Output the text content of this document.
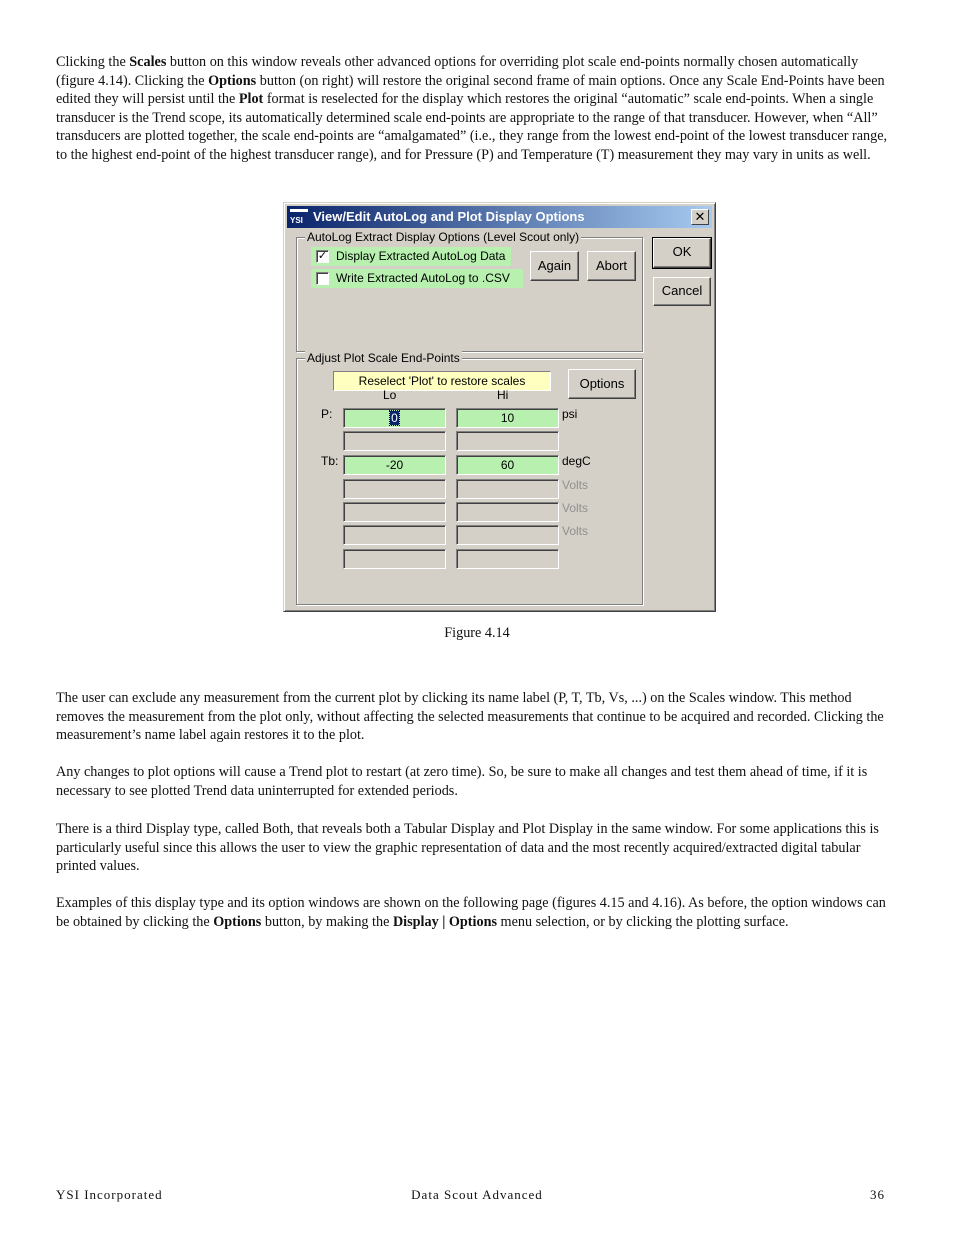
Clicking the Scales button on this window reveals other advanced options for overriding plot scale end-points normally chosen automatically (figure 4.14). Clicking the Options button (on right) will restore the original second frame of main options. Once any Scale End-Points have been edited they will persist until the Plot format is reselected for the display which restores the original “automatic” scale end-points. When a single transducer is the Trend scope, its automatically determined scale end-points are appropriate to the range of that transducer. However, when “All” transducers are plotted together, the scale end-points are “amalgamated” (i.e., they range from the lowest end-point of the lowest transducer range, to the highest end-point of the highest transducer range), and for Pressure (P) and Temperature (T) measurement they may vary in units as well.

YSI View/Edit AutoLog and Plot Display Options	✕
AutoLog Extract Display Options (Level Scout only)
✓ Display Extracted AutoLog Data
Write Extracted AutoLog to .CSV
Again	Abort
OK
Cancel
Adjust Plot Scale End-Points
Reselect 'Plot' to restore scales	Options
Lo	Hi
P:	0	10	psi
Tb:	-20	60	degC
Volts
Volts
Volts
Figure 4.14

The user can exclude any measurement from the current plot by clicking its name label (P, T, Tb, Vs, ...) on the Scales window. This method removes the measurement from the plot only, without affecting the selected measurements that continue to be acquired and recorded. Clicking the measurement’s name label again restores it to the plot.

Any changes to plot options will cause a Trend plot to restart (at zero time). So, be sure to make all changes and test them ahead of time, if it is necessary to see plotted Trend data uninterrupted for extended periods.

There is a third Display type, called Both, that reveals both a Tabular Display and Plot Display in the same window. For some applications this is particularly useful since this allows the user to view the graphic representation of data and the most recently acquired/extracted digital tabular printed values.

Examples of this display type and its option windows are shown on the following page (figures 4.15 and 4.16). As before, the option windows can be obtained by clicking the Options button, by making the Display | Options menu selection, or by clicking the plotting surface.

YSI Incorporated	Data Scout Advanced	36
